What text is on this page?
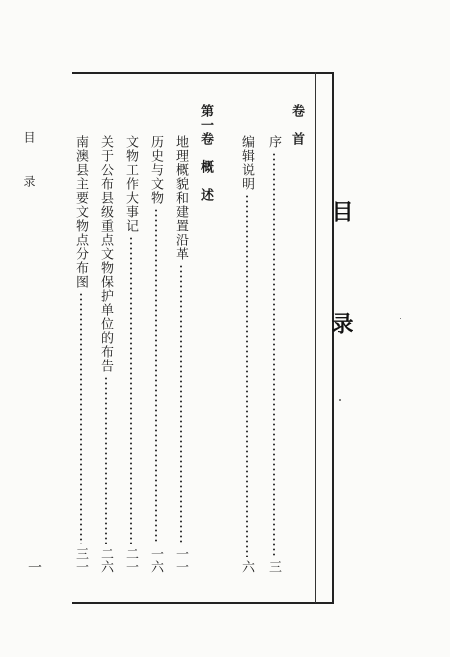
目　录
卷　首
序
三
编辑说明
六
第一卷　概　述
地理概貌和建置沿革
一一
历史与文物
一六
文物工作大事记
二一
关于公布县级重点文物保护单位的布告
二六
南澳县主要文物点分布图
三一
目　录
一
